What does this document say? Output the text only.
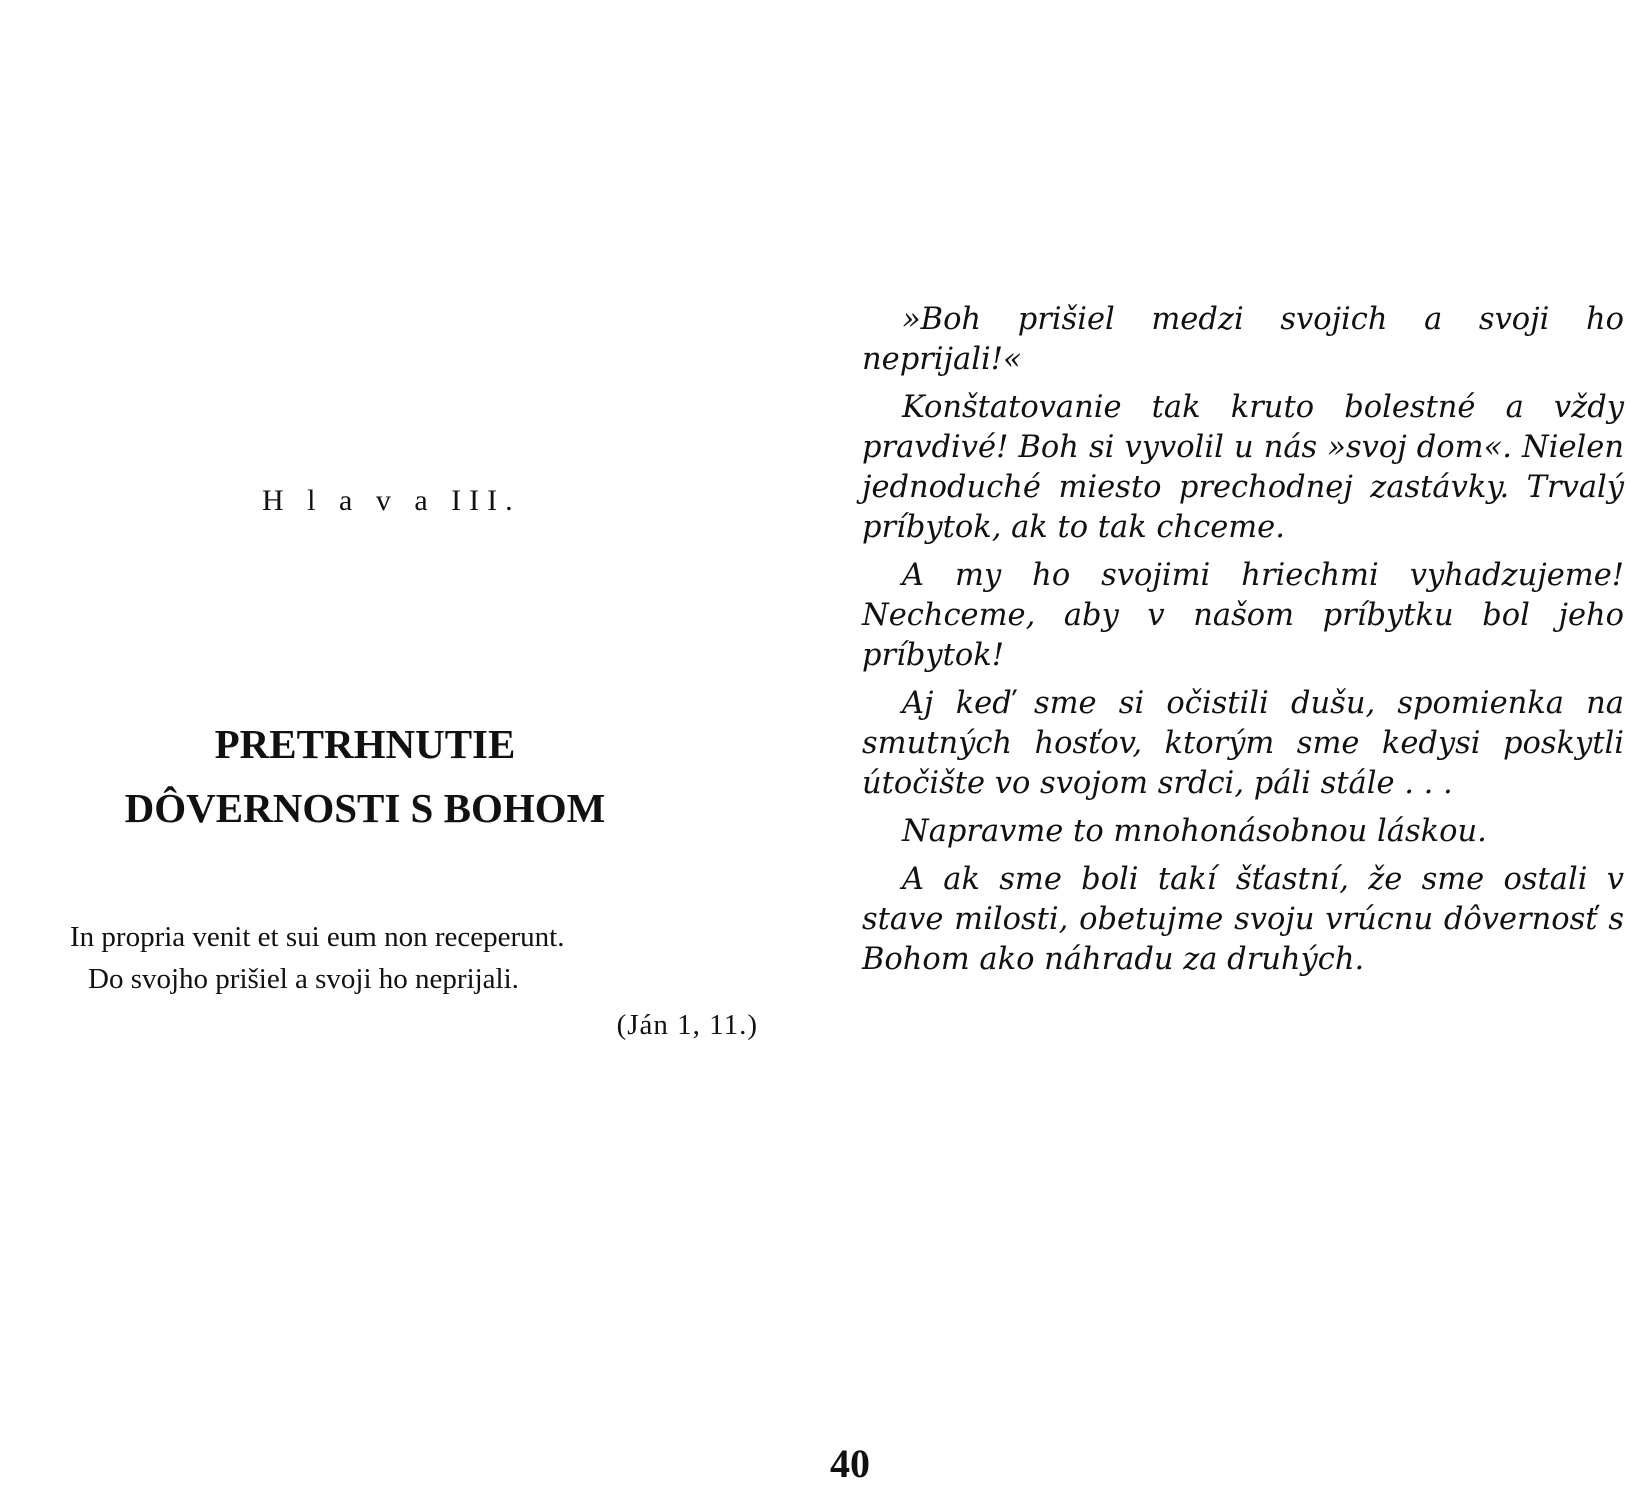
H l a v a III.
PRETRHNUTIE
DÔVERNOSTI S BOHOM
In propria venit et sui eum non receperunt.
Do svojho prišiel a svoji ho neprijali.
(Ján 1, 11.)

»Boh prišiel medzi svojich a svoji ho neprijali!«

Konštatovanie tak kruto bolestné a vždy pravdivé! Boh si vyvolil u nás »svoj dom«. Nielen jednoduché miesto prechodnej zastávky. Trvalý príbytok, ak to tak chceme.

A my ho svojimi hriechmi vyhadzujeme! Nechceme, aby v našom príbytku bol jeho príbytok!

Aj keď sme si očistili dušu, spomienka na smutných hosťov, ktorým sme kedysi poskytli útočište vo svojom srdci, páli stále . . .

Napravme to mnohonásobnou láskou.

A ak sme boli takí šťastní, že sme ostali v stave milosti, obetujme svoju vrúcnu dôvernosť s Bohom ako náhradu za druhých.

40
